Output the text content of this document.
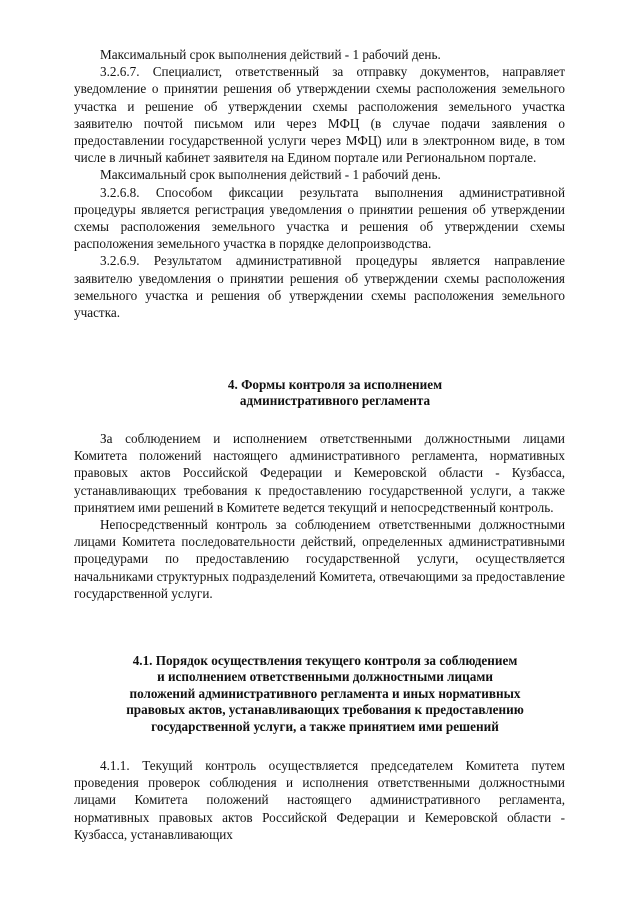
Максимальный срок выполнения действий - 1 рабочий день.

3.2.6.7. Специалист, ответственный за отправку документов, направляет уведомление о принятии решения об утверждении схемы расположения земельного участка и решение об утверждении схемы расположения земельного участка заявителю почтой письмом или через МФЦ (в случае подачи заявления о предоставлении государственной услуги через МФЦ) или в электронном виде, в том числе в личный кабинет заявителя на Едином портале или Региональном портале.

Максимальный срок выполнения действий - 1 рабочий день.

3.2.6.8. Способом фиксации результата выполнения административной процедуры является регистрация уведомления о принятии решения об утверждении схемы расположения земельного участка и решения об утверждении схемы расположения земельного участка в порядке делопроизводства.

3.2.6.9. Результатом административной процедуры является направление заявителю уведомления о принятии решения об утверждении схемы расположения земельного участка и решения об утверждении схемы расположения земельного участка.

4. Формы контроля за исполнением
административного регламента

За соблюдением и исполнением ответственными должностными лицами Комитета положений настоящего административного регламента, нормативных правовых актов Российской Федерации и Кемеровской области - Кузбасса, устанавливающих требования к предоставлению государственной услуги, а также принятием ими решений в Комитете ведется текущий и непосредственный контроль.

Непосредственный контроль за соблюдением ответственными должностными лицами Комитета последовательности действий, определенных административными процедурами по предоставлению государственной услуги, осуществляется начальниками структурных подразделений Комитета, отвечающими за предоставление государственной услуги.

4.1. Порядок осуществления текущего контроля за соблюдением
и исполнением ответственными должностными лицами
положений административного регламента и иных нормативных
правовых актов, устанавливающих требования к предоставлению
государственной услуги, а также принятием ими решений

4.1.1. Текущий контроль осуществляется председателем Комитета путем проведения проверок соблюдения и исполнения ответственными должностными лицами Комитета положений настоящего административного регламента, нормативных правовых актов Российской Федерации и Кемеровской области - Кузбасса, устанавливающих
